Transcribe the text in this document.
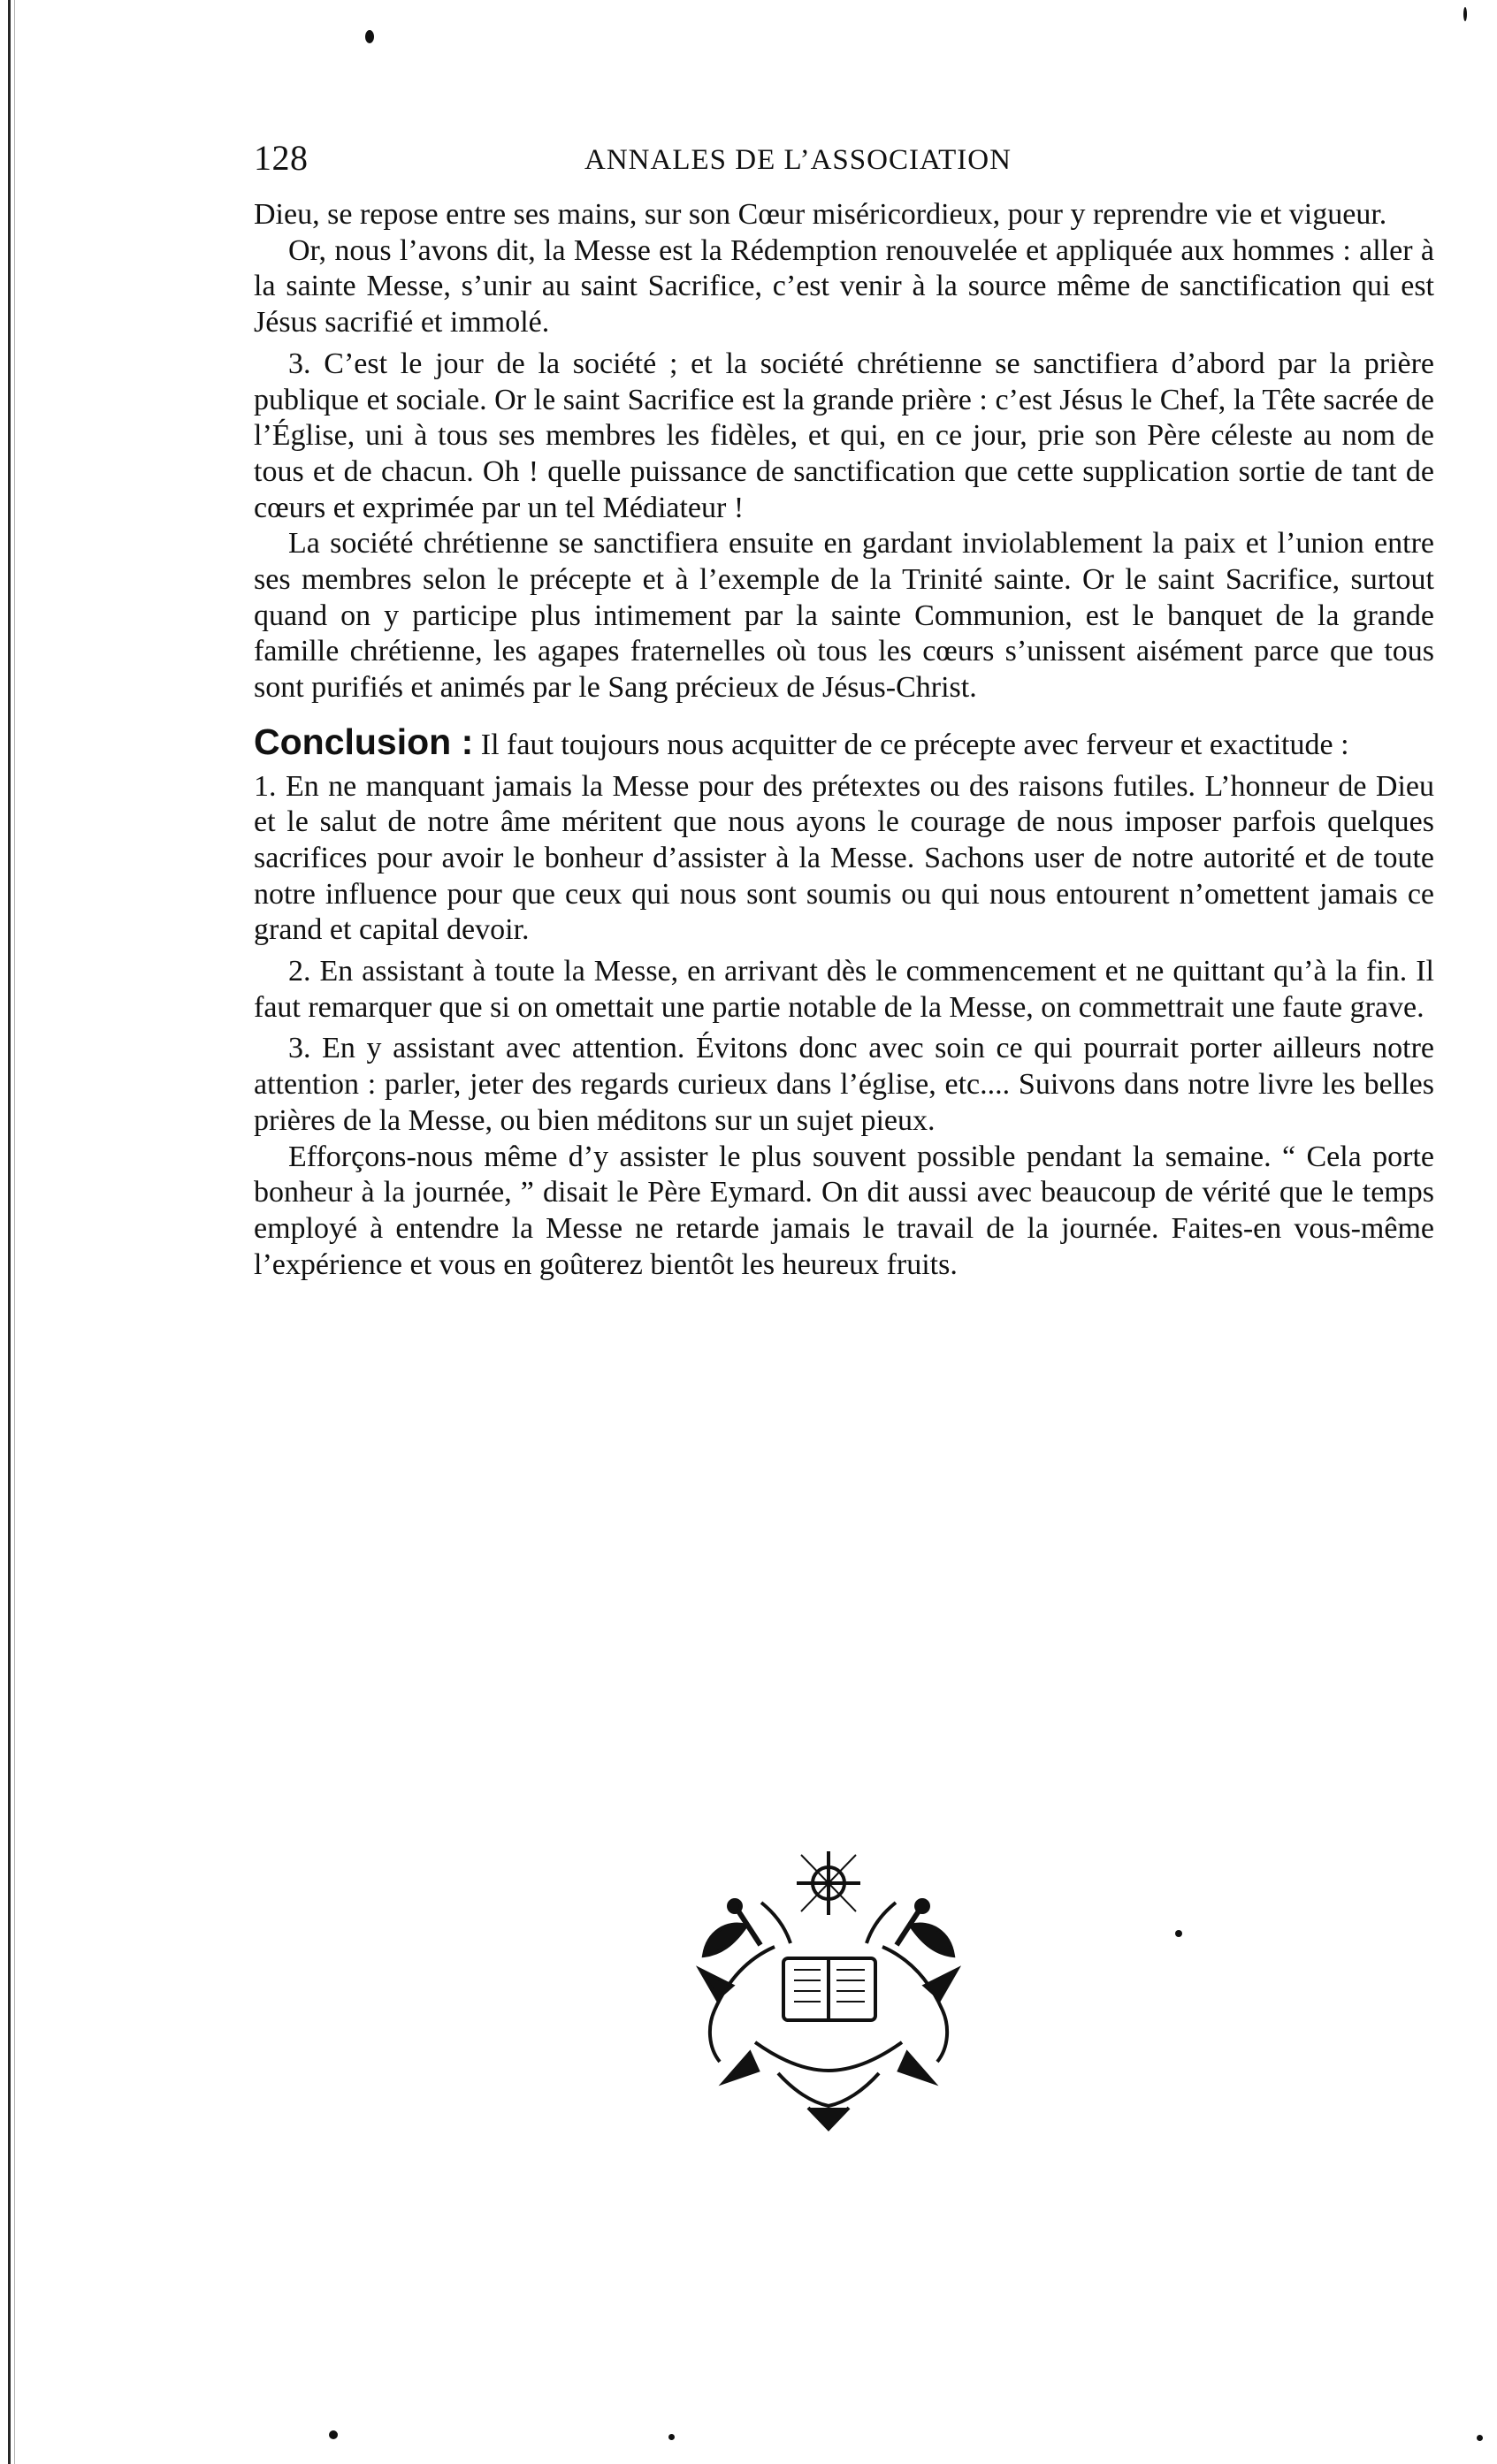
128	ANNALES DE L’ASSOCIATION

Dieu, se repose entre ses mains, sur son Cœur miséricordieux, pour y reprendre vie et vigueur.

Or, nous l’avons dit, la Messe est la Rédemption renouvelée et appliquée aux hommes : aller à la sainte Messe, s’unir au saint Sacrifice, c’est venir à la source même de sanctification qui est Jésus sacrifié et immolé.

3. C’est le jour de la société ; et la société chrétienne se sanctifiera d’abord par la prière publique et sociale. Or le saint Sacrifice est la grande prière : c’est Jésus le Chef, la Tête sacrée de l’Église, uni à tous ses membres les fidèles, et qui, en ce jour, prie son Père céleste au nom de tous et de chacun. Oh ! quelle puissance de sanctification que cette supplication sortie de tant de cœurs et exprimée par un tel Médiateur !

La société chrétienne se sanctifiera ensuite en gardant inviolablement la paix et l’union entre ses membres selon le précepte et à l’exemple de la Trinité sainte. Or le saint Sacrifice, surtout quand on y participe plus intimement par la sainte Communion, est le banquet de la grande famille chrétienne, les agapes fraternelles où tous les cœurs s’unissent aisément parce que tous sont purifiés et animés par le Sang précieux de Jésus-Christ.

Conclusion : Il faut toujours nous acquitter de ce précepte avec ferveur et exactitude :

1. En ne manquant jamais la Messe pour des prétextes ou des raisons futiles. L’honneur de Dieu et le salut de notre âme méritent que nous ayons le courage de nous imposer parfois quelques sacrifices pour avoir le bonheur d’assister à la Messe. Sachons user de notre autorité et de toute notre influence pour que ceux qui nous sont soumis ou qui nous entourent n’omettent jamais ce grand et capital devoir.

2. En assistant à toute la Messe, en arrivant dès le commencement et ne quittant qu’à la fin. Il faut remarquer que si on omettait une partie notable de la Messe, on commettrait une faute grave.

3. En y assistant avec attention. Évitons donc avec soin ce qui pourrait porter ailleurs notre attention : parler, jeter des regards curieux dans l’église, etc.... Suivons dans notre livre les belles prières de la Messe, ou bien méditons sur un sujet pieux.

Efforçons-nous même d’y assister le plus souvent possible pendant la semaine. “ Cela porte bonheur à la journée, ” disait le Père Eymard. On dit aussi avec beaucoup de vérité que le temps employé à entendre la Messe ne retarde jamais le travail de la journée. Faites-en vous-même l’expérience et vous en goûterez bientôt les heureux fruits.
